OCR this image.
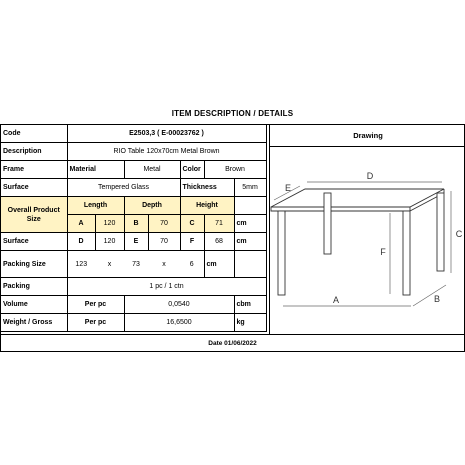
ITEM DESCRIPTION / DETAILS
Code	E2503,3 ( E-00023762 )						
Description	RIO Table 120x70cm Metal Brown						
Frame	Material		Metal		Color	Brown	
Surface	Tempered Glass				Thickness		5mm
Overall Product Size	Length		Depth		Height		
	A	120	B	70	C	71	cm
Surface	D	120	E	70	F	68	cm
Packing Size	123	x	73	x	6	cm	
Packing	1 pc / 1 ctn						
Volume	Per pc		0,0540				cbm
Weight / Gross	Per pc		16,6500				kg
Drawing
E
D
C
F
A	B
Date 01/06/2022
